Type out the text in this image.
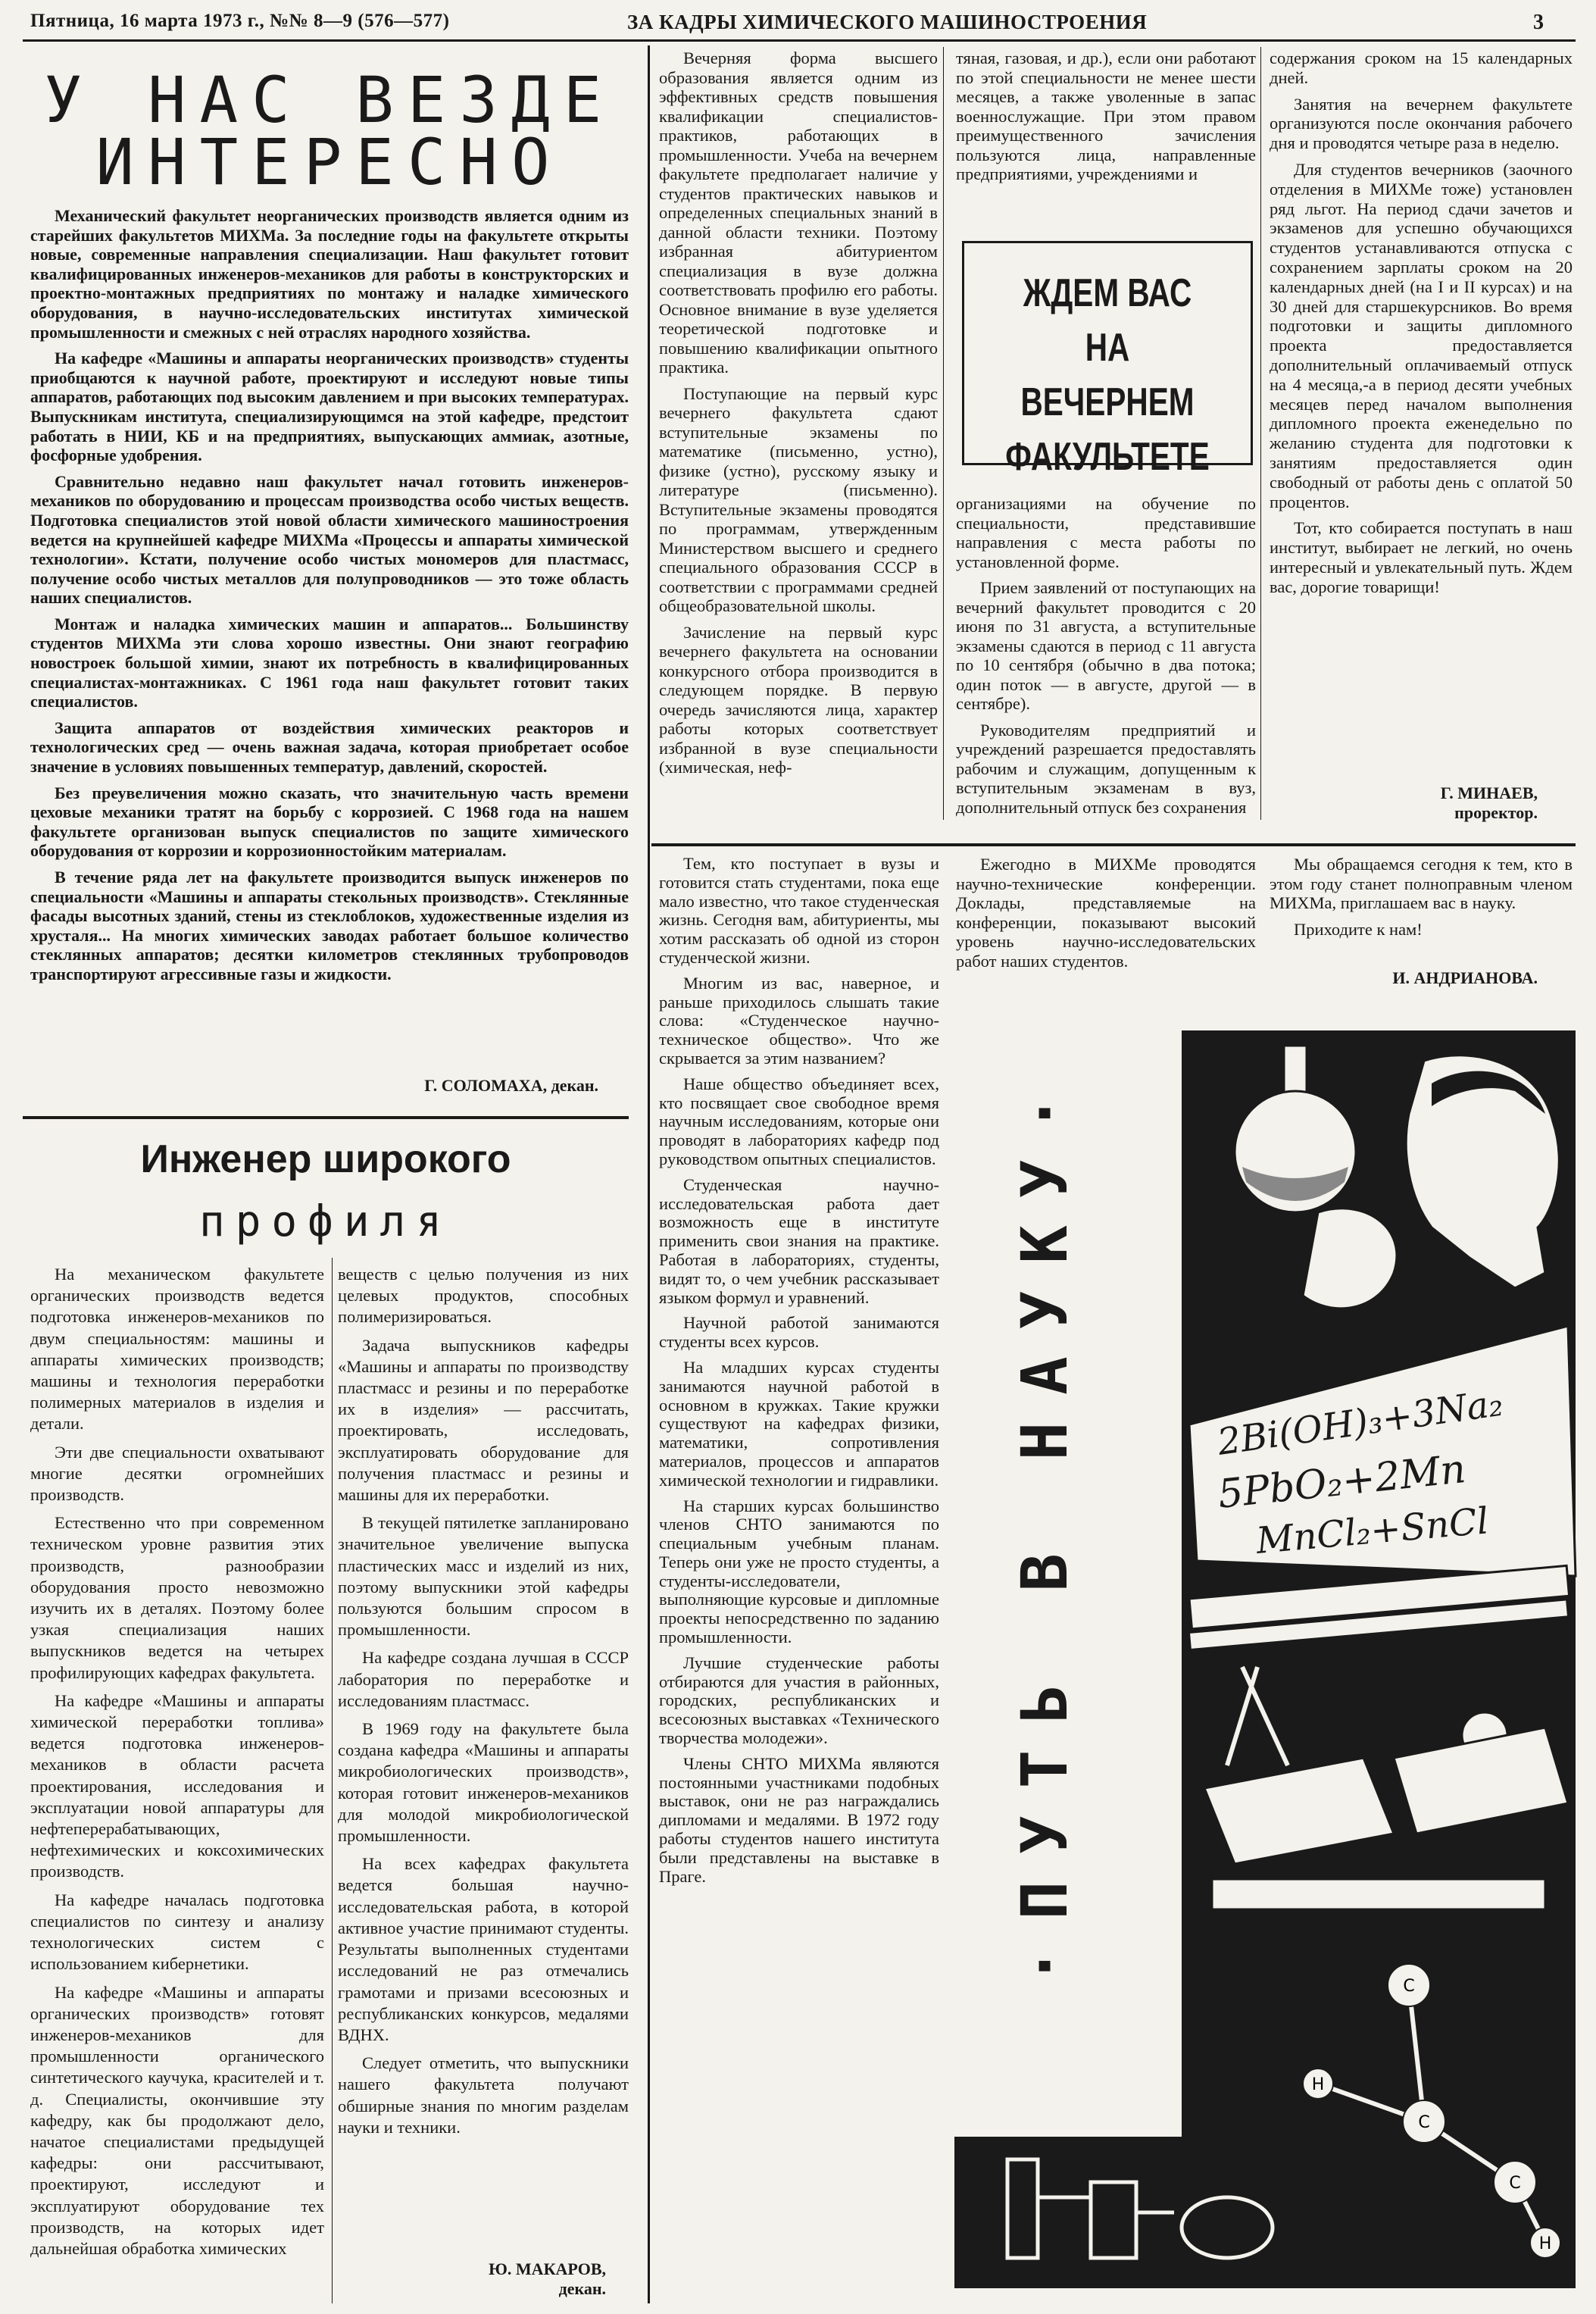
Пятница, 16 марта 1973 г., №№ 8—9 (576—577)	ЗА КАДРЫ ХИМИЧЕСКОГО МАШИНОСТРОЕНИЯ	3
У НАС ВЕЗДЕ
ИНТЕРЕСНО

Механический факультет неорганических производств является одним из старейших факультетов МИХМа. За последние годы на факультете открыты новые, современные направления специализации. Наш факультет готовит квалифицированных инженеров-механиков для работы в конструкторских и проектно-монтажных предприятиях по монтажу и наладке химического оборудования, в научно-исследовательских институтах химической промышленности и смежных с ней отраслях народного хозяйства.

На кафедре «Машины и аппараты неорганических производств» студенты приобщаются к научной работе, проектируют и исследуют новые типы аппаратов, работающих под высоким давлением и при высоких температурах. Выпускникам института, специализирующимся на этой кафедре, предстоит работать в НИИ, КБ и на предприятиях, выпускающих аммиак, азотные, фосфорные удобрения.

Сравнительно недавно наш факультет начал готовить инженеров-механиков по оборудованию и процессам производства особо чистых веществ. Подготовка специалистов этой новой области химического машиностроения ведется на крупнейшей кафедре МИХМа «Процессы и аппараты химической технологии». Кстати, получение особо чистых мономеров для пластмасс, получение особо чистых металлов для полупроводников — это тоже область наших специалистов.

Монтаж и наладка химических машин и аппаратов... Большинству студентов МИХМа эти слова хорошо известны. Они знают географию новостроек большой химии, знают их потребность в квалифицированных специалистах-монтажниках. С 1961 года наш факультет готовит таких специалистов.

Защита аппаратов от воздействия химических реакторов и технологических сред — очень важная задача, которая приобретает особое значение в условиях повышенных температур, давлений, скоростей.

Без преувеличения можно сказать, что значительную часть времени цеховые механики тратят на борьбу с коррозией. С 1968 года на нашем факультете организован выпуск специалистов по защите химического оборудования от коррозии и коррозионностойким материалам.

В течение ряда лет на факультете производится выпуск инженеров по специальности «Машины и аппараты стекольных производств». Стеклянные фасады высотных зданий, стены из стеклоблоков, художественные изделия из хрусталя... На многих химических заводах работает большое количество стеклянных аппаратов; десятки километров стеклянных трубопроводов транспортируют агрессивные газы и жидкости.

Г. СОЛОМАХА, декан.
Инженер широкого
профиля

На механическом факультете органических производств ведется подготовка инженеров-механиков по двум специальностям: машины и аппараты химических производств; машины и технология переработки полимерных материалов в изделия и детали.

Эти две специальности охватывают многие десятки огромнейших производств.

Естественно что при современном техническом уровне развития этих производств, разнообразии оборудования просто невозможно изучить их в деталях. Поэтому более узкая специализация наших выпускников ведется на четырех профилирующих кафедрах факультета.

На кафедре «Машины и аппараты химической переработки топлива» ведется подготовка инженеров-механиков в области расчета проектирования, исследования и эксплуатации новой аппаратуры для нефтеперерабатывающих, нефтехимических и коксохимических производств.

На кафедре началась подготовка специалистов по синтезу и анализу технологических систем с использованием кибернетики.

На кафедре «Машины и аппараты органических производств» готовят инженеров-механиков для промышленности органического синтетического каучука, красителей и т. д. Специалисты, окончившие эту кафедру, как бы продолжают дело, начатое специалистами предыдущей кафедры: они рассчитывают, проектируют, исследуют и эксплуатируют оборудование тех производств, на которых идет дальнейшая обработка химических

веществ с целью получения из них целевых продуктов, способных полимеризироваться.

Задача выпускников кафедры «Машины и аппараты по производству пластмасс и резины и по переработке их в изделия» — рассчитать, проектировать, исследовать, эксплуатировать оборудование для получения пластмасс и резины и машины для их переработки.

В текущей пятилетке запланировано значительное увеличение выпуска пластических масс и изделий из них, поэтому выпускники этой кафедры пользуются большим спросом в промышленности.

На кафедре создана лучшая в СССР лаборатория по переработке и исследованиям пластмасс.

В 1969 году на факультете была создана кафедра «Машины и аппараты микробиологических производств», которая готовит инженеров-механиков для молодой микробиологической промышленности.

На всех кафедрах факультета ведется большая научно-исследовательская работа, в которой активное участие принимают студенты. Результаты выполненных студентами исследований не раз отмечались грамотами и призами всесоюзных и республиканских конкурсов, медалями ВДНХ.

Следует отметить, что выпускники нашего факультета получают обширные знания по многим разделам науки и техники.

Ю. МАКАРОВ,
декан.

Вечерняя форма высшего образования является одним из эффективных средств повышения квалификации специалистов-практиков, работающих в промышленности. Учеба на вечернем факультете предполагает наличие у студентов практических навыков и определенных специальных знаний в данной области техники. Поэтому избранная абитуриентом специализация в вузе должна соответствовать профилю его работы. Основное внимание в вузе уделяется теоретической подготовке и повышению квалификации опытного практика.

Поступающие на первый курс вечернего факультета сдают вступительные экзамены по математике (письменно, устно), физике (устно), русскому языку и литературе (письменно). Вступительные экзамены проводятся по программам, утвержденным Министерством высшего и среднего специального образования СССР в соответствии с программами средней общеобразовательной школы.

Зачисление на первый курс вечернего факультета на основании конкурсного отбора производится в следующем порядке. В первую очередь зачисляются лица, характер работы которых соответствует избранной в вузе специальности (химическая, неф-

тяная, газовая, и др.), если они работают по этой специальности не менее шести месяцев, а также уволенные в запас военнослужащие. При этом правом преимущественного зачисления пользуются лица, направленные предприятиями, учреждениями и

ЖДЕМ ВАС
НА ВЕЧЕРНЕМ
ФАКУЛЬТЕТЕ

организациями на обучение по специальности, представившие направления с места работы по установленной форме.

Прием заявлений от поступающих на вечерний факультет проводится с 20 июня по 31 августа, а вступительные экзамены сдаются в период с 11 августа по 10 сентября (обычно в два потока; один поток — в августе, другой — в сентябре).

Руководителям предприятий и учреждений разрешается предоставлять рабочим и служащим, допущенным к вступительным экзаменам в вуз, дополнительный отпуск без сохранения

содержания сроком на 15 календарных дней.

Занятия на вечернем факультете организуются после окончания рабочего дня и проводятся четыре раза в неделю.

Для студентов вечерников (заочного отделения в МИХМе тоже) установлен ряд льгот. На период сдачи зачетов и экзаменов для успешно обучающихся студентов устанавливаются отпуска с сохранением зарплаты сроком на 20 календарных дней (на I и II курсах) и на 30 дней для старшекурсников. Во время подготовки и защиты дипломного проекта предоставляется дополнительный оплачиваемый отпуск на 4 месяца,-а в период десяти учебных месяцев перед началом выполнения дипломного проекта еженедельно по желанию студента для подготовки к занятиям предоставляется один свободный от работы день с оплатой 50 процентов.

Тот, кто собирается поступать в наш институт, выбирает не легкий, но очень интересный и увлекательный путь. Ждем вас, дорогие товарищи!

Г. МИНАЕВ,
проректор.

Тем, кто поступает в вузы и готовится стать студентами, пока еще мало известно, что такое студенческая жизнь. Сегодня вам, абитуриенты, мы хотим рассказать об одной из сторон студенческой жизни.

Многим из вас, наверное, и раньше приходилось слышать такие слова: «Студенческое научно-техническое общество». Что же скрывается за этим названием?

Наше общество объединяет всех, кто посвящает свое свободное время научным исследованиям, которые они проводят в лабораториях кафедр под руководством опытных специалистов.

Студенческая научно-исследовательская работа дает возможность еще в институте применить свои знания на практике. Работая в лабораториях, студенты, видят то, о чем учебник рассказывает языком формул и уравнений.

Научной работой занимаются студенты всех курсов.

На младших курсах студенты занимаются научной работой в основном в кружках. Такие кружки существуют на кафедрах физики, математики, сопротивления материалов, процессов и аппаратов химической технологии и гидравлики.

На старших курсах большинство членов СНТО занимаются по специальным учебным планам. Теперь они уже не просто студенты, а студенты-исследователи, выполняющие курсовые и дипломные проекты непосредственно по заданию промышленности.

Лучшие студенческие работы отбираются для участия в районных, городских, республиканских и всесоюзных выставках «Технического творчества молодежи».

Члены СНТО МИХМа являются постоянными участниками подобных выставок, они не раз награждались дипломами и медалями. В 1972 году работы студентов нашего института были представлены на выставке в Праге.

Ежегодно в МИХМе проводятся научно-технические конференции. Доклады, представляемые на конференции, показывают высокий уровень научно-исследовательских работ наших студентов.

Мы обращаемся сегодня к тем, кто в этом году станет полноправным членом МИХМа, приглашаем вас в науку.

Приходите к нам!

И. АНДРИАНОВА.
·ПУТЬ В НАУКУ·	2Bi(OH)₃+3Na₂
5PbO₂+2Mn
MnCl₂+SnCl
C
C
C
H
H
